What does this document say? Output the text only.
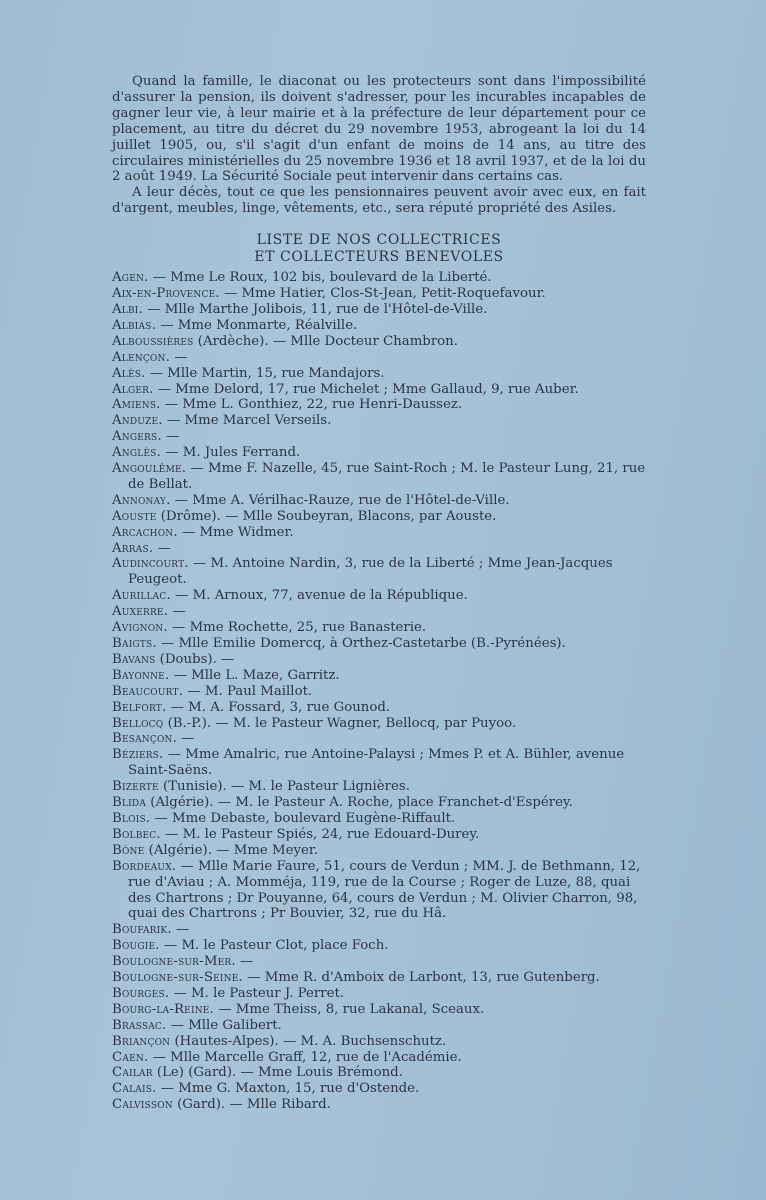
Quand la famille, le diaconat ou les protecteurs sont dans l'impossibilité d'assurer la pension, ils doivent s'adresser, pour les incurables incapables de gagner leur vie, à leur mairie et à la préfecture de leur département pour ce placement, au titre du décret du 29 novembre 1953, abrogeant la loi du 14 juillet 1905, ou, s'il s'agit d'un enfant de moins de 14 ans, au titre des circulaires ministérielles du 25 novembre 1936 et 18 avril 1937, et de la loi du 2 août 1949. La Sécurité Sociale peut intervenir dans certains cas.

A leur décès, tout ce que les pensionnaires peuvent avoir avec eux, en fait d'argent, meubles, linge, vêtements, etc., sera réputé propriété des Asiles.

LISTE DE NOS COLLECTRICES
ET COLLECTEURS BENEVOLES
Agen. — Mme Le Roux, 102 bis, boulevard de la Liberté.
Aix-en-Provence. — Mme Hatier, Clos-St-Jean, Petit-Roquefavour.
Albi. — Mlle Marthe Jolibois, 11, rue de l'Hôtel-de-Ville.
Albias. — Mme Monmarte, Réalville.
Alboussières (Ardèche). — Mlle Docteur Chambron.
Alençon. —
Alès. — Mlle Martin, 15, rue Mandajors.
Alger. — Mme Delord, 17, rue Michelet ; Mme Gallaud, 9, rue Auber.
Amiens. — Mme L. Gonthiez, 22, rue Henri-Daussez.
Anduze. — Mme Marcel Verseils.
Angers. —
Anglès. — M. Jules Ferrand.
Angoulême. — Mme F. Nazelle, 45, rue Saint-Roch ; M. le Pasteur Lung, 21, rue de Bellat.
Annonay. — Mme A. Vérilhac-Rauze, rue de l'Hôtel-de-Ville.
Aouste (Drôme). — Mlle Soubeyran, Blacons, par Aouste.
Arcachon. — Mme Widmer.
Arras. —
Audincourt. — M. Antoine Nardin, 3, rue de la Liberté ; Mme Jean-Jacques Peugeot.
Aurillac. — M. Arnoux, 77, avenue de la République.
Auxerre. —
Avignon. — Mme Rochette, 25, rue Banasterie.
Baigts. — Mlle Emilie Domercq, à Orthez-Castetarbe (B.-Pyrénées).
Bavans (Doubs). —
Bayonne. — Mlle L. Maze, Garritz.
Beaucourt. — M. Paul Maillot.
Belfort. — M. A. Fossard, 3, rue Gounod.
Bellocq (B.-P.). — M. le Pasteur Wagner, Bellocq, par Puyoo.
Besançon. —
Béziers. — Mme Amalric, rue Antoine-Palaysi ; Mmes P. et A. Bühler, avenue Saint-Saëns.
Bizerte (Tunisie). — M. le Pasteur Lignières.
Blida (Algérie). — M. le Pasteur A. Roche, place Franchet-d'Espérey.
Blois. — Mme Debaste, boulevard Eugène-Riffault.
Bolbec. — M. le Pasteur Spiés, 24, rue Edouard-Durey.
Bône (Algérie). — Mme Meyer.
Bordeaux. — Mlle Marie Faure, 51, cours de Verdun ; MM. J. de Bethmann, 12, rue d'Aviau ; A. Momméja, 119, rue de la Course ; Roger de Luze, 88, quai des Chartrons ; Dr Pouyanne, 64, cours de Verdun ; M. Olivier Charron, 98, quai des Chartrons ; Pr Bouvier, 32, rue du Hâ.
Boufarik. —
Bougie. — M. le Pasteur Clot, place Foch.
Boulogne-sur-Mer. —
Boulogne-sur-Seine. — Mme R. d'Amboix de Larbont, 13, rue Gutenberg.
Bourges. — M. le Pasteur J. Perret.
Bourg-la-Reine. — Mme Theiss, 8, rue Lakanal, Sceaux.
Brassac. — Mlle Galibert.
Briançon (Hautes-Alpes). — M. A. Buchsenschutz.
Caen. — Mlle Marcelle Graff, 12, rue de l'Académie.
Cailar (Le) (Gard). — Mme Louis Brémond.
Calais. — Mme G. Maxton, 15, rue d'Ostende.
Calvisson (Gard). — Mlle Ribard.
